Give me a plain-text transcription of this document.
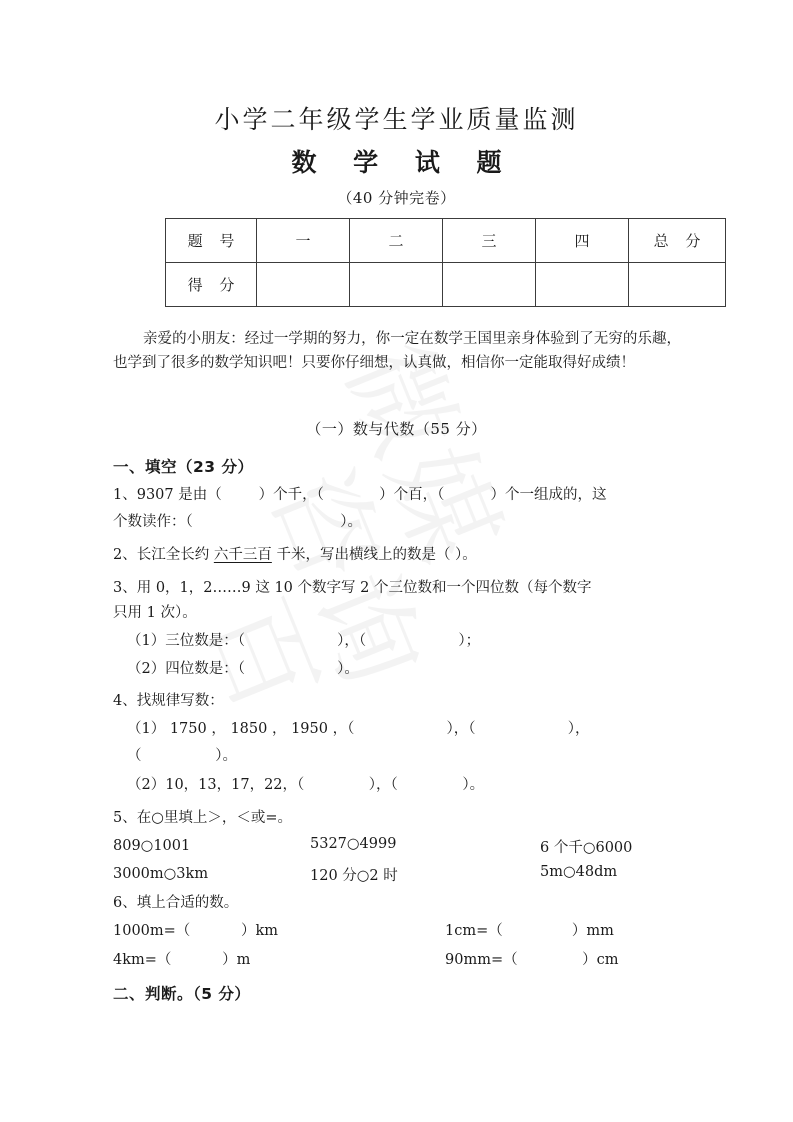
小学二年级学生学业质量监测
数 学 试 题
（40 分钟完卷）
题 号	一	二	三	四	总 分
得 分					
亲爱的小朋友：经过一学期的努力，你一定在数学王国里亲身体验到了无穷的乐趣，也学到了很多的数学知识吧！只要你仔细想，认真做，相信你一定能取得好成绩！
（一）数与代数（55 分）
一、填空（23 分）
1、9307 是由（        ）个千，（            ）个百，（          ）个一组成的，这
个数读作：（                                ）。
2、长江全长约 六千三百 千米，写出横线上的数是（ ）。
3、用 0，1，2……9 这 10 个数字写 2 个三位数和一个四位数（每个数字
只用 1 次）。
（1）三位数是：（                    ），（                    ）；
（2）四位数是：（                    ）。
4、找规律写数：
（1） 1750 ， 1850 ， 1950 ，（                    ），（                    ），
（                ）。
（2）10，13，17，22，（              ），（              ）。
5、在○里填上＞，＜或=。
809○1001	5327○4999	6 个千○6000
3000m○3km	120 分○2 时	5m○48dm
6、填上合适的数。
1000m=（           ）km	1cm=（               ）mm
4km=（           ）m	90mm=（              ）cm
二、判断。（5 分）
